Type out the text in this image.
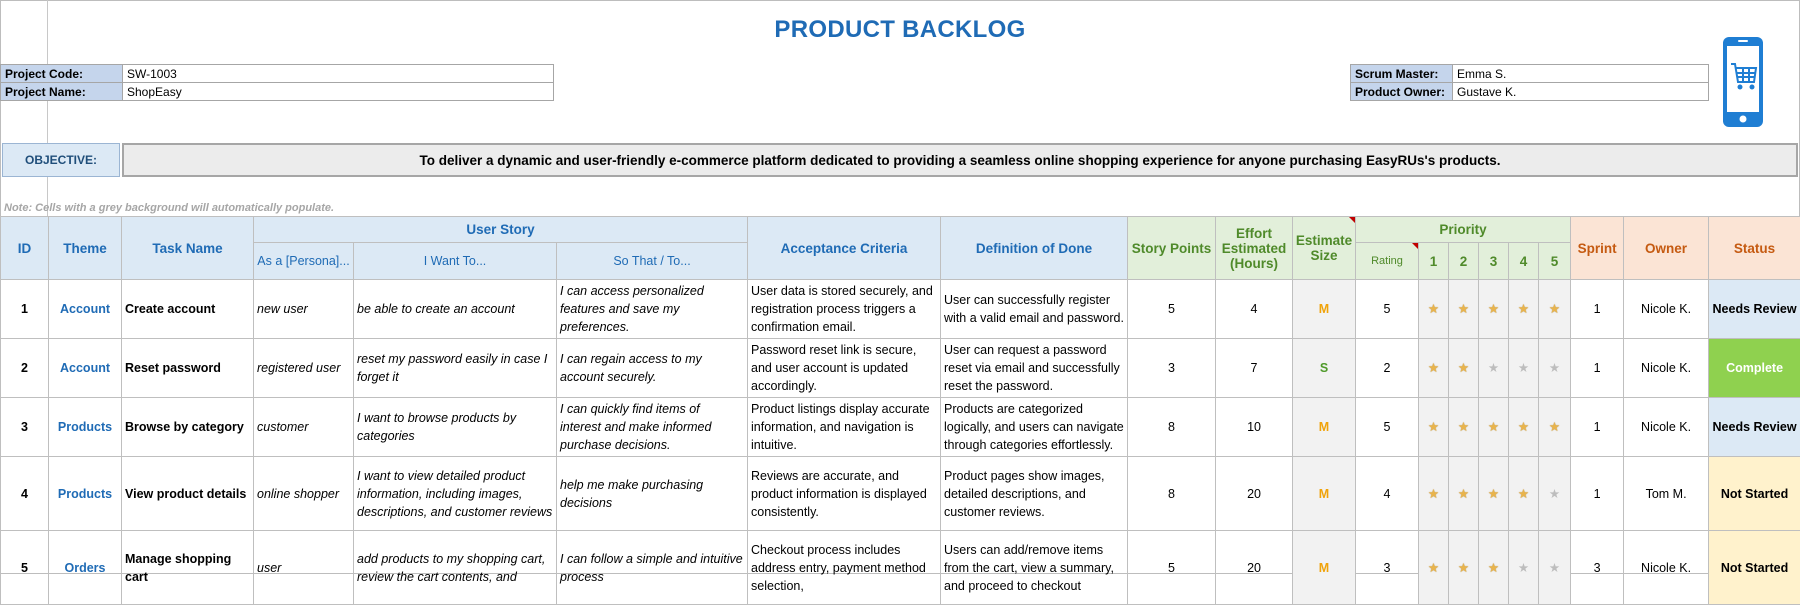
PRODUCT BACKLOG
Project Code:	SW-1003
Project Name:	ShopEasy
Scrum Master:	Emma S.
Product Owner:	Gustave K.
OBJECTIVE:	To deliver a dynamic and user-friendly e-commerce platform dedicated to providing a seamless online shopping experience for anyone purchasing EasyRUs's products.
Note: Cells with a grey background will automatically populate.
ID	Theme	Task Name	User Story			Acceptance Criteria	Definition of Done	Story Points	Effort Estimated (Hours)	Estimate Size	Priority						Sprint	Owner	Status
			As a [Persona]...	I Want To...	So That / To...						Rating	1	2	3	4	5			
1	Account	Create account	new user	be able to create an account	I can access personalized features and save my preferences.	User data is stored securely, and registration process triggers a confirmation email.	User can successfully register with a valid email and password.	5	4	M	5	★	★	★	★	★	1	Nicole K.	Needs Review
2	Account	Reset password	registered user	reset my password easily in case I forget it	I can regain access to my account securely.	Password reset link is secure, and user account is updated accordingly.	User can request a password reset via email and successfully reset the password.	3	7	S	2	★	★	★	★	★	1	Nicole K.	Complete
3	Products	Browse by category	customer	I want to browse products by categories	I can quickly find items of interest and make informed purchase decisions.	Product listings display accurate information, and navigation is intuitive.	Products are categorized logically, and users can navigate through categories effortlessly.	8	10	M	5	★	★	★	★	★	1	Nicole K.	Needs Review
4	Products	View product details	online shopper	I want to view detailed product information, including images, descriptions, and customer reviews	help me make purchasing decisions	Reviews are accurate, and product information is displayed consistently.	Product pages show images, detailed descriptions, and customer reviews.	8	20	M	4	★	★	★	★	★	1	Tom M.	Not Started
5	Orders	Manage shopping cart	user	add products to my shopping cart, review the cart contents, and	I can follow a simple and intuitive process	Checkout process includes address entry, payment method selection,	Users can add/remove items from the cart, view a summary, and proceed to checkout	5	20	M	3	★	★	★	★	★	3	Nicole K.	Not Started
